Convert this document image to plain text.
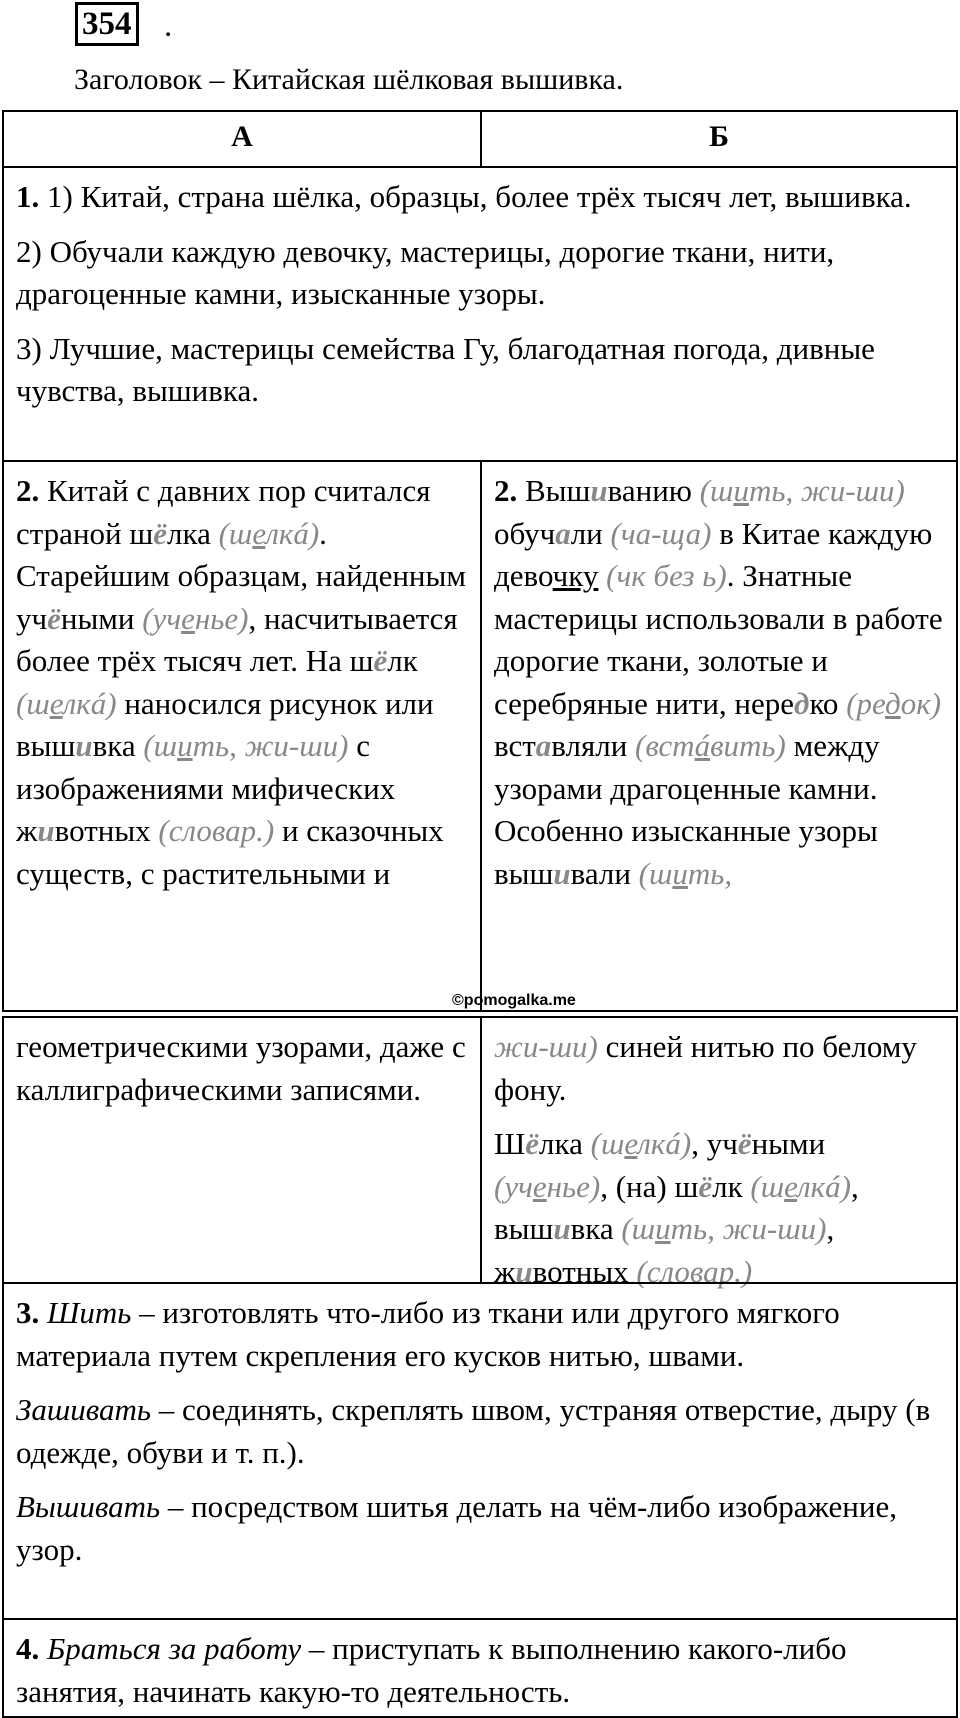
354 .
Заголовок – Китайская шёлковая вышивка.
А	Б

1. 1) Китай, страна шёлка, образцы, более трёх тысяч лет, вышивка.

2) Обучали каждую девочку, мастерицы, дорогие ткани, нити, драгоценные камни, изысканные узоры.

3) Лучшие, мастерицы семейства Гу, благодатная погода, дивные чувства, вышивка.

2. Китай с давних пор считался страной шёлка (шелкá). Старейшим образцам, найденным учёными (ученье), насчитывается более трёх тысяч лет. На шёлк (шелкá) наносился рисунок или вышивка (шить, жи-ши) с изображениями мифических животных (словар.) и сказочных существ, с растительными и
2. Вышиванию (шить, жи-ши) обучали (ча-ща) в Китае каждую девочку (чк без ь). Знатные мастерицы использовали в работе дорогие ткани, золотые и серебряные нити, нередко (редок) вставляли (встáвить) между узорами драгоценные камни. Особенно изысканные узоры вышивали (шить,
©pomogalka.me
геометрическими узорами, даже с каллиграфическими записями.

жи-ши) синей нитью по белому фону.

Шёлка (шелкá), учёными (ученье), (на) шёлк (шелкá), вышивка (шить, жи-ши), животных (словар.)

3. Шить – изготовлять что-либо из ткани или другого мягкого материала путем скрепления его кусков нитью, швами.

Зашивать – соединять, скреплять швом, устраняя отверстие, дыру (в одежде, обуви и т. п.).

Вышивать – посредством шитья делать на чём-либо изображение, узор.

4. Браться за работу – приступать к выполнению какого-либо занятия, начинать какую-то деятельность.
